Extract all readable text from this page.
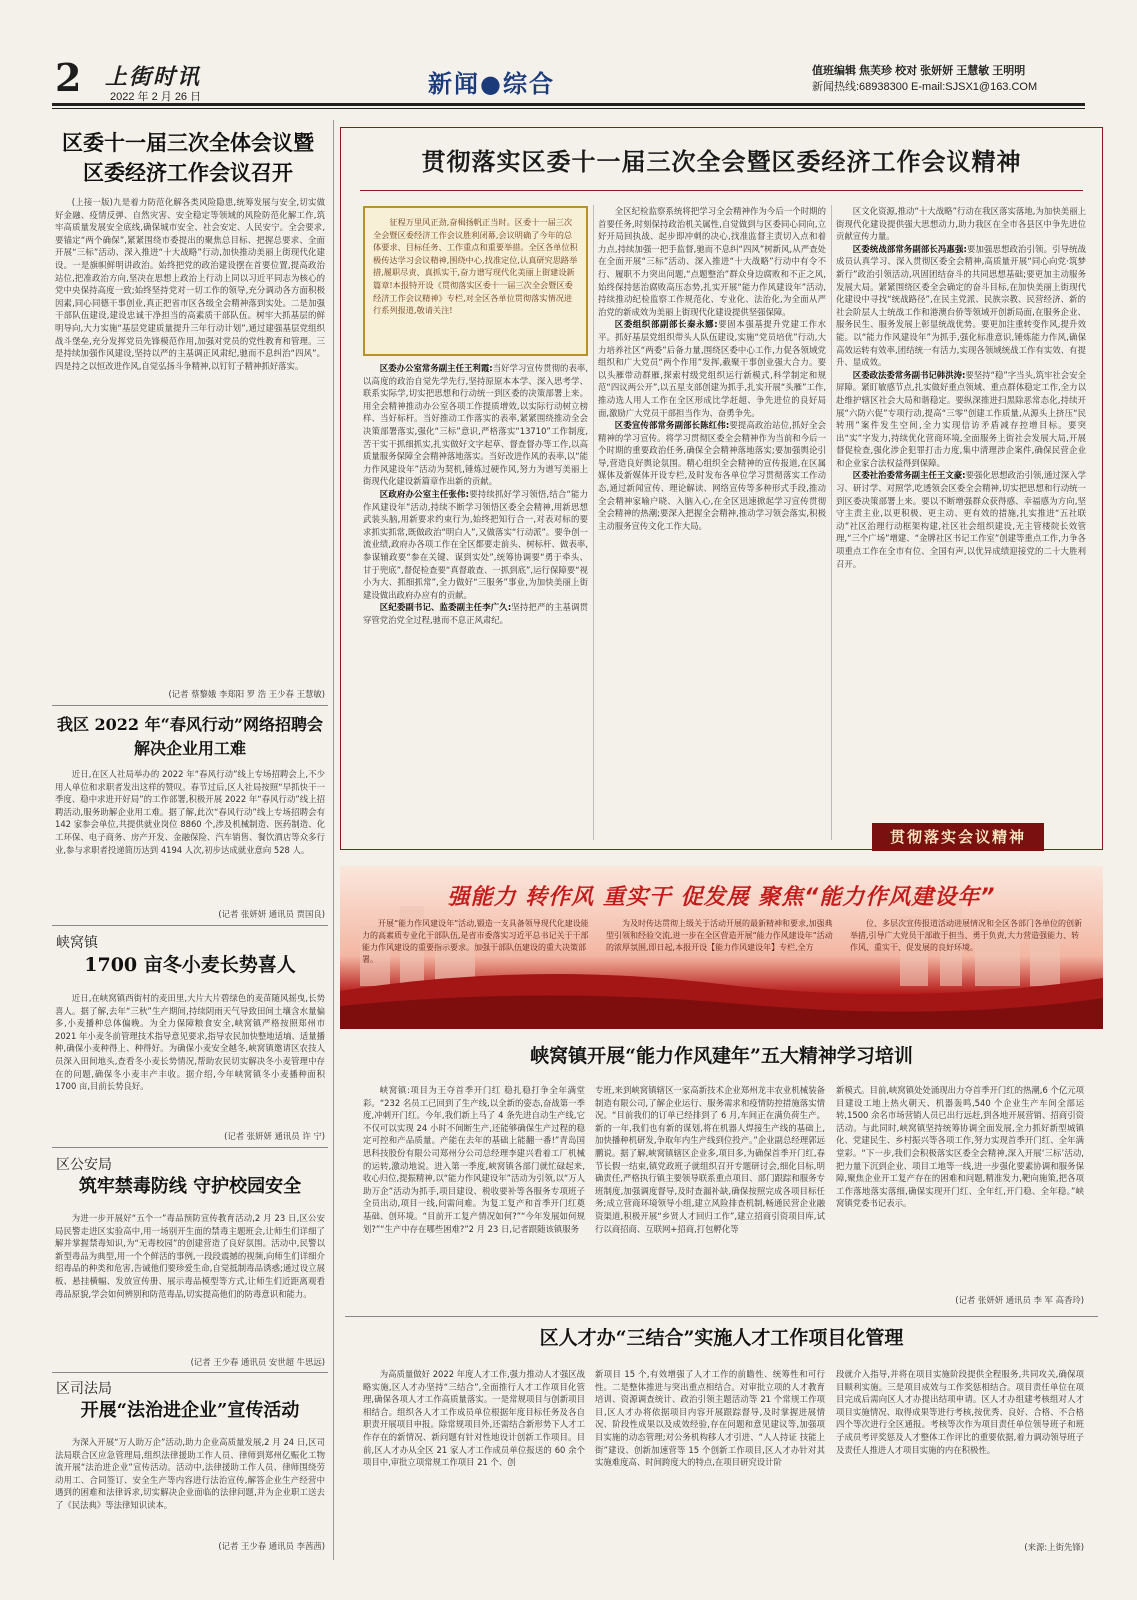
2 上街时讯
2022 年 2 月 26 日	新闻●综合	值班编辑 焦芙珍 校对 张妍妍 王慧敏 王明明
新闻热线:68938300 E-mail:SJSX1@163.COM
区委十一届三次全体会议暨
区委经济工作会议召开

(上接一版)九是着力防范化解各类风险隐患,统筹发展与安全,切实做好金融、疫情反弹、自然灾害、安全稳定等领域的风险防范化解工作,筑牢高质量发展安全底线,确保城市安全、社会安定、人民安宁。全会要求,要锚定“两个确保”,紧紧围绕市委提出的聚焦总目标、把握总要求、全面开展“三标”活动、深入推进“十大战略”行动,加快推动美丽上街现代化建设。一是旗帜鲜明讲政治。始终把党的政治建设摆在首要位置,提高政治站位,把准政治方向,坚决在思想上政治上行动上同以习近平同志为核心的党中央保持高度一致;始终坚持党对一切工作的领导,充分调动各方面积极因素,同心同德干事创业,真正把省市区各级全会精神落到实处。二是加强干部队伍建设,建设忠诚干净担当的高素质干部队伍。树牢大抓基层的鲜明导向,大力实施“基层党建质量提升三年行动计划”,通过建强基层党组织战斗堡垒,充分发挥党员先锋模范作用,加强对党员的党性教育和管理。三是持续加强作风建设,坚持以严的主基调正风肃纪,驰而不息纠治“四风”。四是持之以恒改进作风,自觉弘扬斗争精神,以钉钉子精神抓好落实。

(记者 蔡黎娥 李郑阳 罗 浩 王少春 王慧敏)
我区 2022 年“春风行动”网络招聘会
解决企业用工难

近日,在区人社局举办的 2022 年“春风行动”线上专场招聘会上,不少用人单位和求职者发出这样的赞叹。春节过后,区人社局按照“早抓快干一季度、稳中求进开好局”的工作部署,积极开展 2022 年“春风行动”线上招聘活动,服务助解企业用工难。据了解,此次“春风行动”线上专场招聘会有 142 家参会单位,共提供就业岗位 8860 个,涉及机械制造、医药制造、化工环保、电子商务、房产开发、金融保险、汽车销售、餐饮酒店等众多行业,参与求职者投递简历达到 4194 人次,初步达成就业意向 528 人。

(记者 张妍妍 通讯员 贾国良)
峡窝镇
1700 亩冬小麦长势喜人

近日,在峡窝镇西街村的麦田里,大片大片碧绿色的麦苗随风摇曳,长势喜人。据了解,去年“三秋”生产期间,持续阴雨天气导致田间土壤含水量偏多,小麦播种总体偏晚。为全力保障粮食安全,峡窝镇严格按照郑州市 2021 年小麦冬前管理技术指导意见要求,指导农民加快整地适墒、适量播种,确保小麦种得上、种得好。为确保小麦安全越冬,峡窝镇邀请区农技人员深入田间地头,查看冬小麦长势情况,帮助农民切实解决冬小麦管理中存在的问题,确保冬小麦丰产丰收。据介绍,今年峡窝镇冬小麦播种面积 1700 亩,目前长势良好。

(记者 张妍妍 通讯员 许 宁)
区公安局
筑牢禁毒防线 守护校园安全

为进一步开展好“五个一”毒品预防宣传教育活动,2 月 23 日,区公安局民警走进区实验高中,用一场别开生面的禁毒主题班会,让师生们详细了解并掌握禁毒知识,为“无毒校园”的创建营造了良好氛围。活动中,民警以新型毒品为典型,用一个个鲜活的事例,一段段震撼的视频,向师生们详细介绍毒品的种类和危害,告诫他们要珍爱生命,自觉抵制毒品诱惑;通过设立展板、悬挂横幅、发放宣传册、展示毒品模型等方式,让师生们近距离观看毒品原貌,学会如何辨别和防范毒品,切实提高他们的防毒意识和能力。

(记者 王少春 通讯员 安世超 牛思远)
区司法局
开展“法治进企业”宣传活动

为深入开展“万人助万企”活动,助力企业高质量发展,2 月 24 日,区司法局联合区应急管理局,组织法律援助工作人员、律师到郑州亿赈化工物流开展“法治进企业”宣传活动。活动中,法律援助工作人员、律师围绕劳动用工、合同签订、安全生产等内容进行法治宣传,解答企业生产经营中遇到的困难和法律诉求,切实解决企业面临的法律问题,并为企业职工送去了《民法典》等法律知识读本。

(记者 王少春 通讯员 李茜茜)
贯彻落实区委十一届三次全会暨区委经济工作会议精神

征程万里风正劲,奋楫扬帆正当时。区委十一届三次全会暨区委经济工作会议胜利闭幕,会议明确了今年的总体要求、目标任务、工作重点和重要举措。全区各单位积极传达学习会议精神,围绕中心,找准定位,认真研究思路举措,履职尽责、真抓实干,奋力谱写现代化美丽上街建设新篇章!本报特开设《贯彻落实区委十一届三次全会暨区委经济工作会议精神》专栏,对全区各单位贯彻落实情况进行系列报道,敬请关注!

区委办公室常务副主任王利霞:当好学习宣传贯彻的表率,以高度的政治自觉先学先行,坚持原原本本学、深入思考学、联系实际学,切实把思想和行动统一到区委的决策部署上来。用全会精神推动办公室各项工作提质增效,以实际行动树立榜样、当好标杆。当好推动工作落实的表率,紧紧围绕推动全会决策部署落实,强化“三标”意识,严格落实“13710”工作制度,苦干实干抓细抓实,扎实做好文字起草、督查督办等工作,以高质量服务保障全会精神落地落实。当好改进作风的表率,以“能力作风建设年”活动为契机,锤炼过硬作风,努力为谱写美丽上街现代化建设新篇章作出新的贡献。

区政府办公室主任张伟:要持续抓好学习领悟,结合“能力作风建设年”活动,持续不断学习领悟区委全会精神,用新思想武装头脑,用新要求约束行为,始终把知行合一,对表对标的要求抓实抓常,既做政治“明白人”,又做落实“行动派”。要争创一流业绩,政府办各项工作在全区都要走前头、树标杆、做表率,参谋辅政要“参在关键、谋到实处”,统筹协调要“勇于牵头、甘于兜底”,督促检查要“真督敢查、一抓到底”,运行保障要“视小为大、抓细抓常”,全力做好“三服务”事业,为加快美丽上街建设做出政府办应有的贡献。

区纪委副书记、监委副主任李广久:坚持把严的主基调贯穿管党治党全过程,驰而不息正风肃纪。

全区纪检监察系统将把学习全会精神作为今后一个时期的首要任务,时刻保持政治机关属性,自觉做到与区委同心同向,立好开局回执战、起步即冲刺的决心,找准监督主责切入点和着力点,持续加强一把手监督,驰而不息纠“四风”树新风,从严查处在全面开展“三标”活动、深入推进“十大战略”行动中有令不行、履职不力突出问题,“点题整治”群众身边腐败和不正之风,始终保持惩治腐败高压态势,扎实开展“能力作风建设年”活动,持续推动纪检监察工作规范化、专业化、法治化,为全面从严治党的新成效为美丽上街现代化建设提供坚强保障。

区委组织部副部长秦永娜:要固本强基提升党建工作水平。抓好基层党组织带头人队伍建设,实施“党员培优”行动,大力培养社区“两委”后备力量,围绕区委中心工作,力促各领域党组织和广大党员“两个作用”发挥,截聚干事创业强大合力。要以头雁带动群雁,探索村级党组织运行新模式,科学制定和规范“四议两公开”,以五星支部创建为抓手,扎实开展“头雁”工作,推动选人用人工作在全区形成比学赶超、争先进位的良好局面,激励广大党员干部担当作为、奋勇争先。

区委宣传部常务副部长陈红伟:要提高政治站位,抓好全会精神的学习宣传。将学习贯彻区委全会精神作为当前和今后一个时期的重要政治任务,确保全会精神落地落实;要加强舆论引导,营造良好舆论氛围。精心组织全会精神的宣传报道,在区属媒体及新媒体开设专栏,及时发布各单位学习贯彻落实工作动态,通过新闻宣传、理论解读、网络宣传等多种形式手段,推动全会精神家喻户晓、入脑入心,在全区迅速掀起学习宣传贯彻全会精神的热潮;要深入把握全会精神,推动学习领会落实,积极主动服务宣传文化工作大局。

区文化资源,推动“十大战略”行动在我区落实落地,为加快美丽上街现代化建设提供强大思想动力,助力我区在全市各县区中争先进位贡献宣传力量。

区委统战部常务副部长冯惠强:要加强思想政治引领。引导统战成员认真学习、深入贯彻区委全会精神,高质量开展“同心向党·筑梦新行”政治引领活动,巩固团结奋斗的共同思想基础;要更加主动服务发展大局。紧紧围绕区委全会确定的奋斗目标,在加快美丽上街现代化建设中寻找“统战路径”,在民主党派、民族宗教、民营经济、新的社会阶层人士统战工作和港澳台侨等领域开创新局面,在服务企业、服务民生、服务发展上彰显统战优势。要更加注重转变作风,提升效能。以“能力作风建设年”为抓手,强化标准意识,锤炼能力作风,确保高效运转有效率,团结统一有活力,实现各领域统战工作有实效、有提升、显成效。

区委政法委常务副书记韩洪涛:要坚持“稳”字当头,筑牢社会安全屏障。紧盯敏感节点,扎实做好重点领域、重点群体稳定工作,全力以赴维护辖区社会大局和谐稳定。要纵深推进扫黑除恶常态化,持续开展“六防六促”专项行动,提高“三零”创建工作质量,从源头上挤压“民转刑”案件发生空间,全力实现信访矛盾减存控增目标。要突出“实”字发力,持续优化营商环境,全面服务上街社会发展大局,开展督促检查,强化涉企犯罪打击力度,集中清理涉企案件,确保民营企业和企业家合法权益得到保障。

区委社治委常务副主任王文豪:要强化思想政治引领,通过深入学习、研讨学、对照学,吃透领会区委全会精神,切实把思想和行动统一到区委决策部署上来。要以不断增强群众获得感、幸福感为方向,坚守主责主业,以更积极、更主动、更有效的措施,扎实推进“五社联动”社区治理行动框架构建,社区社会组织建设,无主管楼院长效管理,“三个广场”增建、“金牌社区书记工作室”创建等重点工作,力争各项重点工作在全市有位、全国有声,以优异成绩迎接党的二十大胜利召开。

贯彻落实会议精神
强能力 转作风 重实干 促发展 聚焦“能力作风建设年”
开展“能力作风建设年”活动,锻造一支具备领导现代化建设能力的高素质专业化干部队伍,是省市委落实习近平总书记关于干部能力作风建设的重要指示要求。加强干部队伍建设的重大决策部署。
为及时传达贯彻上级关于活动开展的最新精神和要求,加强典型引领和经验交流,进一步在全区营造开展“能力作风建设年”活动的浓厚氛围,即日起,本报开设【能力作风建设年】专栏,全方
位、多层次宣传报道活动进展情况和全区各部门各单位的创新举措,引导广大党员干部敢于担当、勇于负责,大力营造强能力、转作风、重实干、促发展的良好环境。
峡窝镇开展“能力作风建年”五大精神学习培训

峡窝镇:项目为王夺首季开门红 稳扎稳打争全年满堂彩。“232 名员工已回到了生产线,以全新的姿态,奋战第一季度,冲刺开门红。今年,我们新上马了 4 条先进自动生产线,它不仅可以实现 24 小时不间断生产,还能够确保生产过程的稳定可控和产品质量。产能在去年的基础上能翻一番!”青岛国思科技股份有限公司郑州分公司总经理李建兴看着工厂机械的运转,激动地说。进入第一季度,峡窝镇各部门就忙碌起来,收心归位,提振精神,以“能力作风建设年”活动为引领,以“万人助万企”活动为抓手,项目建设、税收要补等各服务专项班子全员出动,项目一线,问需问难。为复工复产和首季开门红奠基础、创环境。“目前开工复产情况如何?”“今年发展如何规划?”“生产中存在哪些困难?”2 月 23 日,记者跟随该镇服务

专班,来到峡窝镇辖区一家高新技术企业郑州龙丰农业机械装备制造有限公司,了解企业运行、服务需求和疫情防控措施落实情况。“目前我们的订单已经排到了 6 月,车间正在满负荷生产。新的一年,我们也有新的谋划,将在机器人焊接生产线的基础上,加快播种机研发,争取年内生产线到位投产。”企业副总经理郭远鹏说。据了解,峡窝镇辖区企业多,项目多,为确保首季开门红,春节长假一结束,镇党政班子就组织召开专题研讨会,细化目标,明确责任,严格执行镇主要领导联系重点项目、部门跟踪和服务专班制度,加强调度督导,及时查漏补缺,确保按照完成各项目标任务;成立营商环境领导小组,建立风险排查机制,畅通民营企业融资渠道,积极开展“乡贤人才回归工作”,建立招商引资项目库,试行以商招商、互联网+招商,打包孵化等

新模式。目前,峡窝镇处处涌现出力夺首季开门红的热潮,6 个亿元项目建设工地上热火朝天、机器轰鸣,540 个企业生产车间全部运转,1500 余名市场营销人员已出行远赶,到各地开展营销、招商引资活动。与此同时,峡窝镇坚持统筹协调全面发展,全力抓好新型城镇化、党建民生、乡村振兴等各项工作,努力实现首季开门红、全年满堂彩。“下一步,我们会积极落实区委全会精神,深入开展‘三标’活动,把力量下沉到企业、项目工地等一线,进一步强化要素协调和服务保障,聚焦企业开工复产存在的困难和问题,精准发力,靶向施策,把各项工作落地落实落细,确保实现开门红、全年红,开门稳、全年稳。”峡窝镇党委书记表示。

(记者 张妍妍 通讯员 李 军 高香玲)
区人才办“三结合”实施人才工作项目化管理

为高质量做好 2022 年度人才工作,强力推动人才强区战略实施,区人才办坚持“三结合”,全面推行人才工作项目化管理,确保各项人才工作高质量落实。一是常规项目与创新项目相结合。组织各人才工作成员单位根据年度目标任务及各自职责开展项目申报。除常规项目外,还需结合新形势下人才工作存在的新情况、新问题有针对性地设计创新工作项目。目前,区人才办从全区 21 家人才工作成员单位报送的 60 余个项目中,审批立项常规工作项目 21 个、创

新项目 15 个,有效增强了人才工作的前瞻性、统筹性和可行性。二是整体推进与突出重点相结合。对审批立项的人才教育培训、资源调查统计、政治引领主题活动等 21 个常规工作项目,区人才办将依据项目内容开展跟踪督导,及时掌握进展情况、阶段性成果以及成效经验,存在问题和意见建议等,加强项目实施的动态管理;对公务机构移人才引进、“人人持证 技能上街”建设、创新加速营等 15 个创新工作项目,区人才办针对其实施难度高、时间跨度大的特点,在项目研究设计阶

段就介入指导,并将在项目实施阶段提供全程服务,共同攻关,确保项目顺利实施。三是项目成效与工作奖惩相结合。项目责任单位在项目完成后需向区人才办提出结项申请。区人才办组建考核组对人才项目实施情况、取得成果等进行考核,按优秀、良好、合格、不合格四个等次进行全区通报。考核等次作为项目责任单位领导班子和班子成员考评奖惩及人才整体工作评比的重要依据,着力调动领导班子及责任人推进人才项目实施的内在积极性。

(来源:上街先锋)
